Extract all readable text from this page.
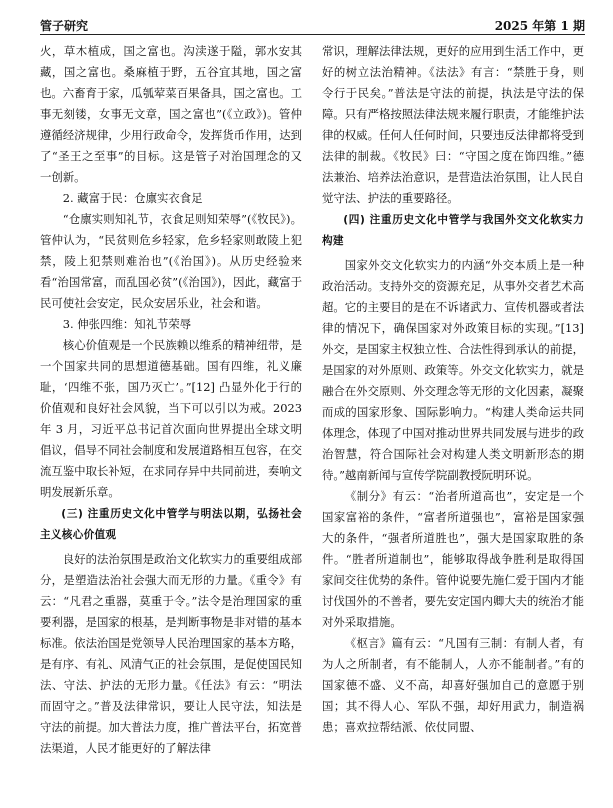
管子研究	2025 年第 1 期

火，草木植成，国之富也。沟渎遂于隘，郭水安其藏，国之富也。桑麻植于野，五谷宜其地，国之富也。六畜育于家，瓜瓠荤菜百果备具，国之富也。工事无刻镂，女事无文章，国之富也”(《立政》)。管仲遵循经济规律，少用行政命令，发挥货币作用，达到了“圣王之至事”的目标。这是管子对治国理念的又一创新。

2. 藏富于民：仓廪实衣食足

“仓廪实则知礼节，衣食足则知荣辱”(《牧民》)。管仲认为，“民贫则危乡轻家，危乡轻家则敢陵上犯禁，陵上犯禁则难治也”(《治国》)。从历史经验来看“治国常富，而乱国必贫”(《治国》)，因此，藏富于民可使社会安定，民众安居乐业，社会和谐。

3. 伸张四维：知礼节荣辱

核心价值观是一个民族赖以维系的精神纽带，是一个国家共同的思想道德基础。国有四维，礼义廉耻，‘四维不张，国乃灭亡’。”[12] 凸显外化于行的价值观和良好社会风貌，当下可以引以为戒。2023 年 3 月，习近平总书记首次面向世界提出全球文明倡议，倡导不同社会制度和发展道路相互包容，在交流互鉴中取长补短，在求同存异中共同前进，奏响文明发展新乐章。

(三) 注重历史文化中管学与明法以期，弘扬社会主义核心价值观

良好的法治氛围是政治文化软实力的重要组成部分，是塑造法治社会强大而无形的力量。《重令》有云：“凡君之重器，莫重于令。”法令是治理国家的重要利器，是国家的根基，是判断事物是非对错的基本标准。依法治国是党领导人民治理国家的基本方略，是有序、有礼、风清气正的社会氛围，是促使国民知法、守法、护法的无形力量。《任法》有云：“明法而固守之。”普及法律常识，要让人民守法，知法是守法的前提。加大普法力度，推广普法平台，拓宽普法渠道，人民才能更好的了解法律

常识，理解法律法规，更好的应用到生活工作中，更好的树立法治精神。《法法》有言：“禁胜于身，则令行于民矣。”普法是守法的前提，执法是守法的保障。只有严格按照法律法规来履行职责，才能维护法律的权威。任何人任何时间，只要违反法律都将受到法律的制裁。《牧民》曰：“守国之度在饰四维。”德法兼治、培养法治意识，是营造法治氛围，让人民自觉守法、护法的重要路径。

(四) 注重历史文化中管学与我国外交文化软实力构建

国家外交文化软实力的内涵“外交本质上是一种政治活动。支持外交的资源充足，从事外交者艺术高超。它的主要目的是在不诉诸武力、宣传机器或者法律的情况下，确保国家对外政策目标的实现。”[13] 外交，是国家主权独立性、合法性得到承认的前提，是国家的对外原则、政策等。外交文化软实力，就是融合在外交原则、外交理念等无形的文化因素，凝聚而成的国家形象、国际影响力。“构建人类命运共同体理念，体现了中国对推动世界共同发展与进步的政治智慧，符合国际社会对构建人类文明新形态的期待。”越南新闻与宣传学院副教授阮明环说。

《制分》有云：“治者所道高也”，安定是一个国家富裕的条件，“富者所道强也”，富裕是国家强大的条件，“强者所道胜也”，强大是国家取胜的条件。“胜者所道制也”，能够取得战争胜利是取得国家间交往优势的条件。管仲说要先施仁爱于国内才能讨伐国外的不善者，要先安定国内卿大夫的统治才能对外采取措施。

《枢言》篇有云：“凡国有三制：有制人者，有为人之所制者，有不能制人，人亦不能制者。”有的国家德不盛、义不高，却喜好强加自己的意愿于别国；其不得人心、军队不强，却好用武力，制造祸患；喜欢拉帮结派、依仗同盟、
